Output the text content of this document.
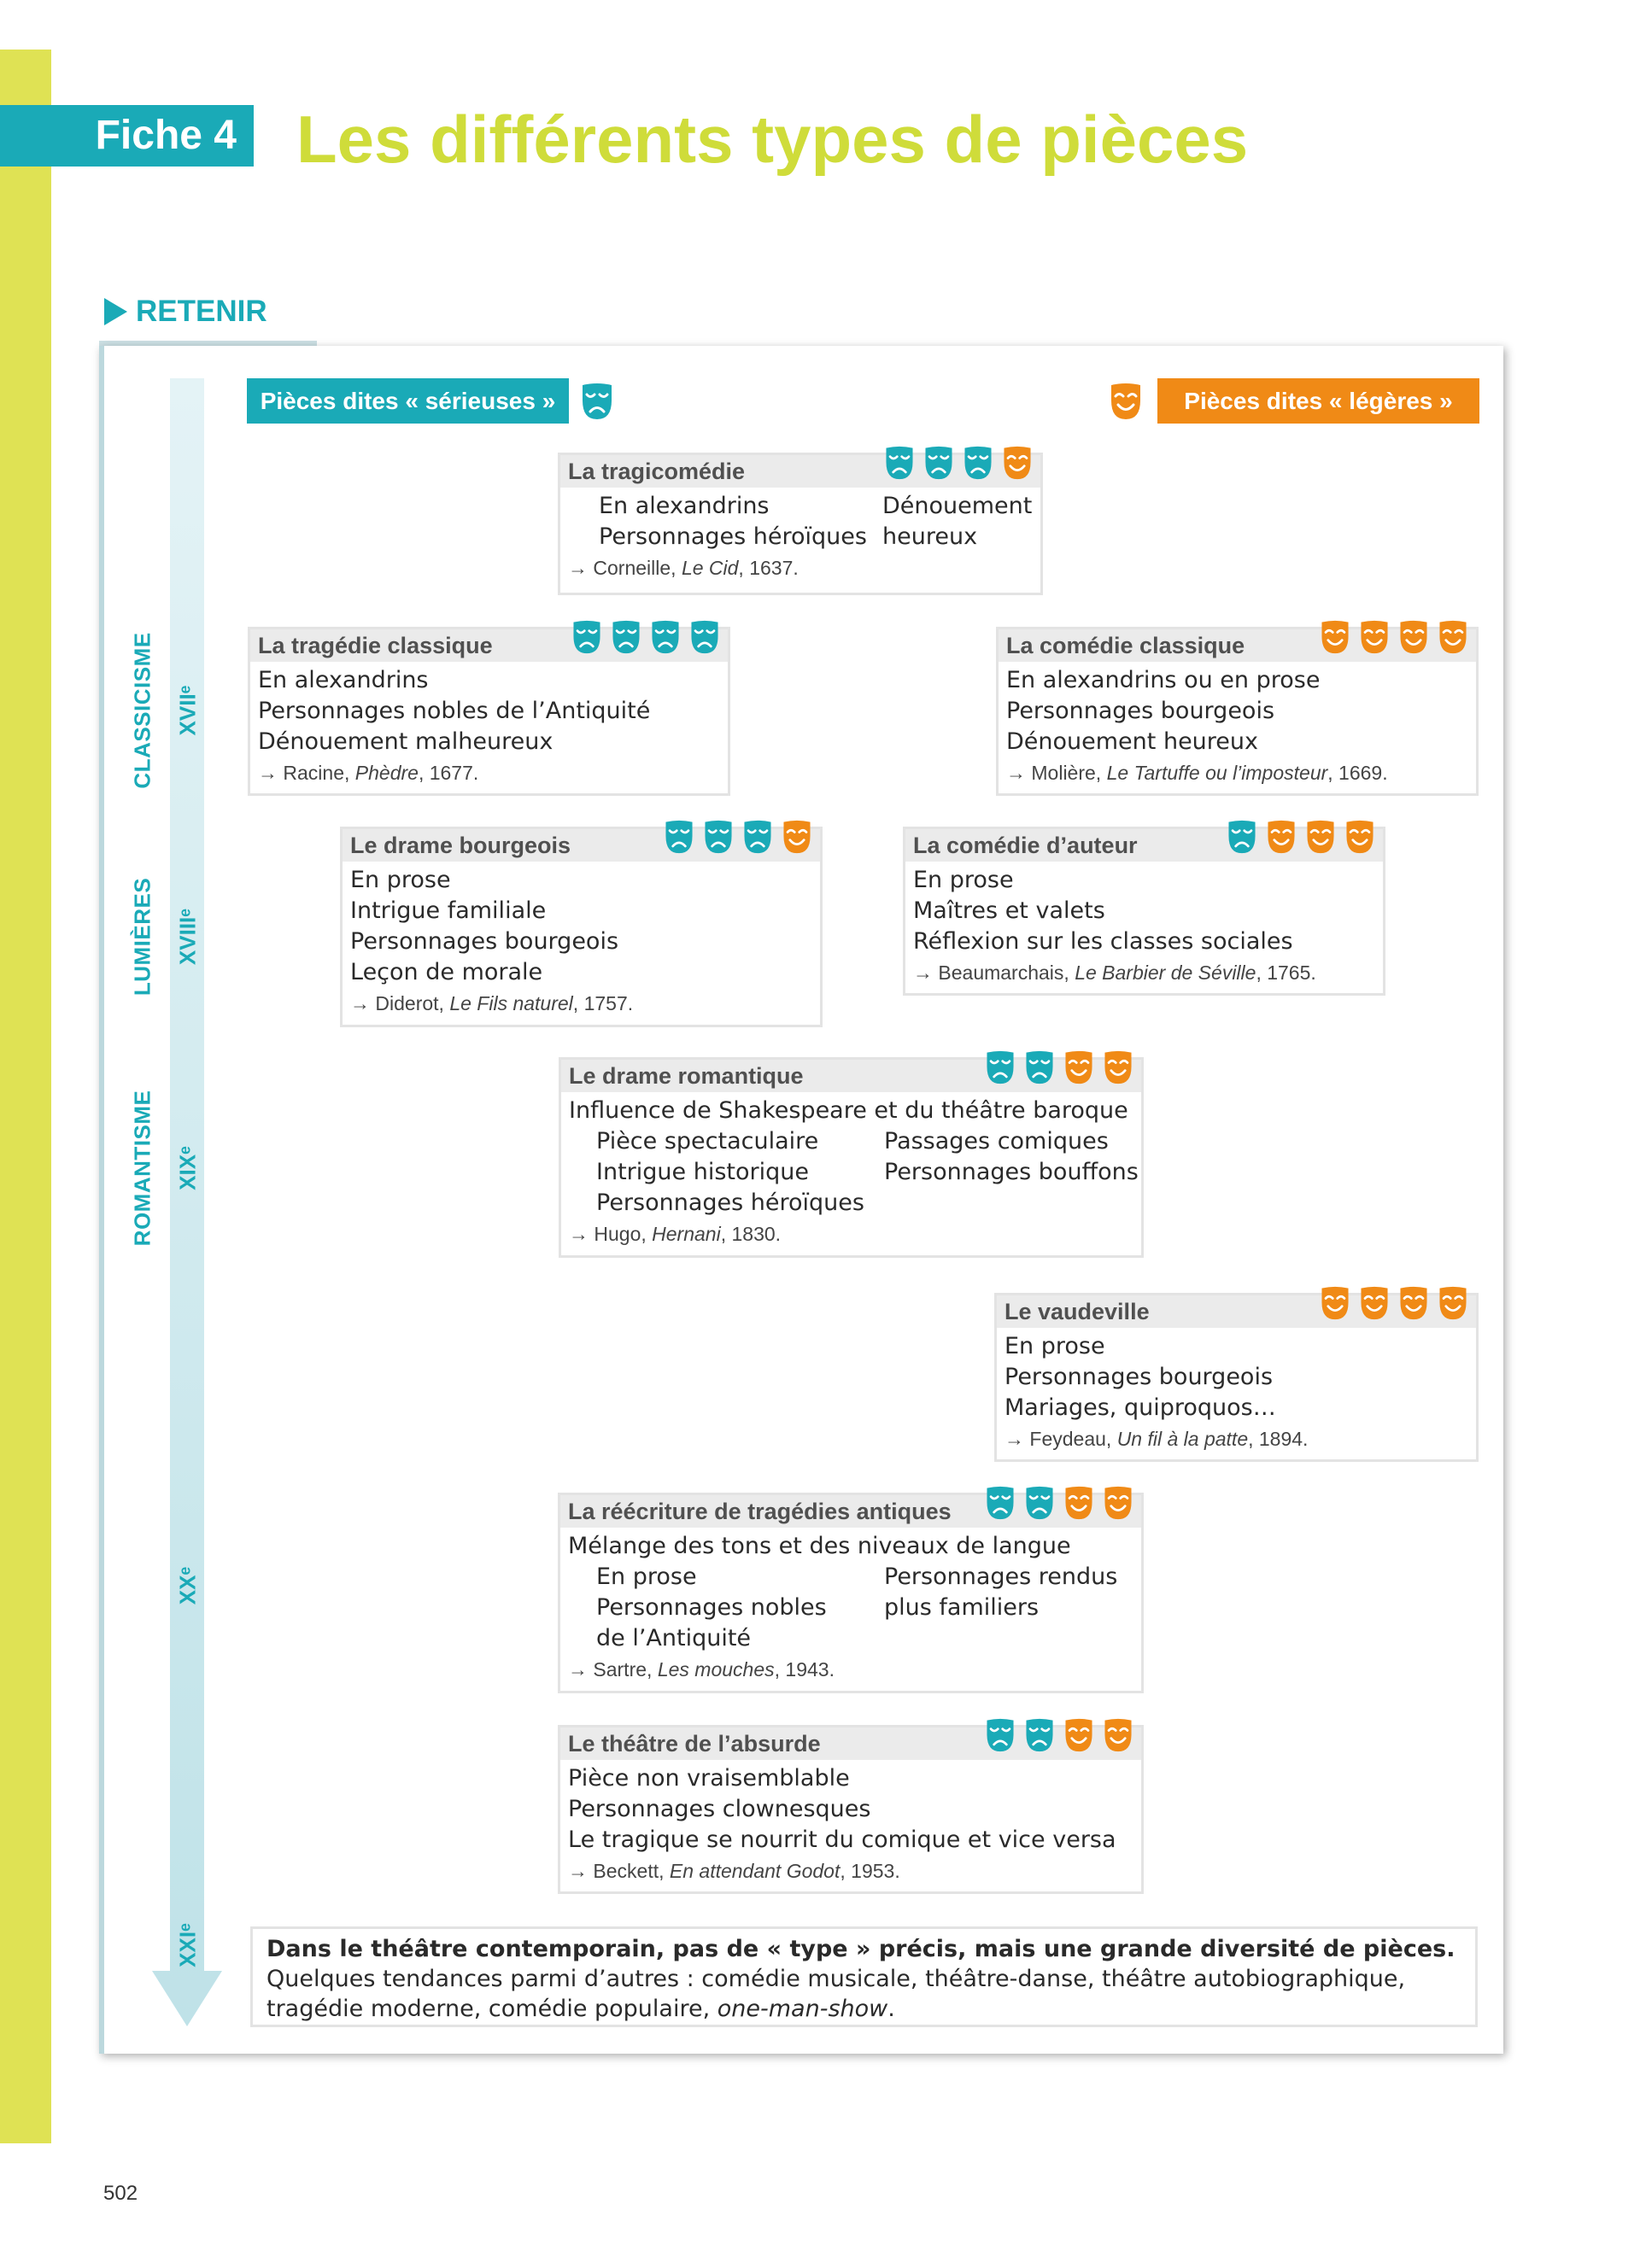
Fiche 4 Les différents types de pièces
RETENIR
CLASSICISME
LUMIÈRES
ROMANTISME
XVIIᵉ
XVIIIᵉ
XIXᵉ
XXᵉ
XXIᵉ
Pièces dites « sérieuses »	Pièces dites « légères »
La tragicomédie
En alexandrins
Personnages héroïques
Dénouement
heureux
→ Corneille, Le Cid, 1637.
La tragédie classique
En alexandrins
Personnages nobles de l’Antiquité
Dénouement malheureux
→ Racine, Phèdre, 1677.
La comédie classique
En alexandrins ou en prose
Personnages bourgeois
Dénouement heureux
→ Molière, Le Tartuffe ou l’imposteur, 1669.
Le drame bourgeois
En prose
Intrigue familiale
Personnages bourgeois
Leçon de morale
→ Diderot, Le Fils naturel, 1757.
La comédie d’auteur
En prose
Maîtres et valets
Réflexion sur les classes sociales
→ Beaumarchais, Le Barbier de Séville, 1765.
Le drame romantique
Influence de Shakespeare et du théâtre baroque
Pièce spectaculaire
Intrigue historique
Personnages héroïques
Passages comiques
Personnages bouffons
→ Hugo, Hernani, 1830.
Le vaudeville
En prose
Personnages bourgeois
Mariages, quiproquos…
→ Feydeau, Un fil à la patte, 1894.
La réécriture de tragédies antiques
Mélange des tons et des niveaux de langue
En prose
Personnages nobles
de l’Antiquité
Personnages rendus
plus familiers
→ Sartre, Les mouches, 1943.
Le théâtre de l’absurde
Pièce non vraisemblable
Personnages clownesques
Le tragique se nourrit du comique et vice versa
→ Beckett, En attendant Godot, 1953.
Dans le théâtre contemporain, pas de « type » précis, mais une grande diversité de pièces.
Quelques tendances parmi d’autres : comédie musicale, théâtre-danse, théâtre autobiographique, tragédie moderne, comédie populaire, one-man-show.
502
